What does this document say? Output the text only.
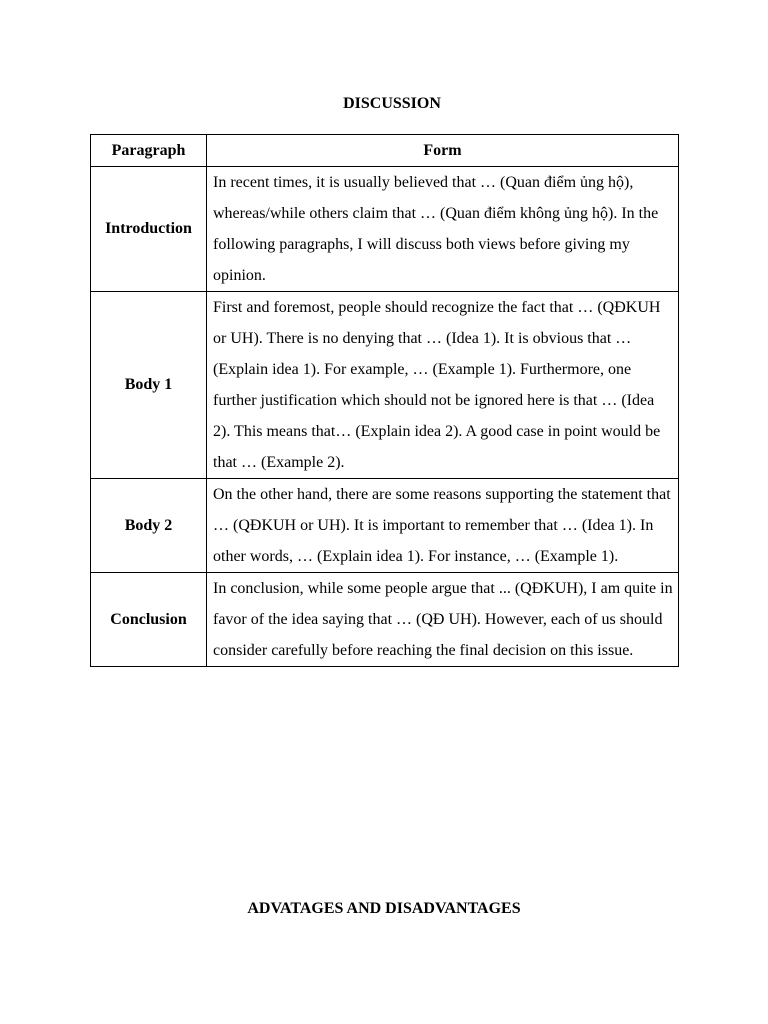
DISCUSSION
Paragraph	Form
Introduction	In recent times, it is usually believed that … (Quan điểm ủng hộ), whereas/while others claim that … (Quan điểm không ủng hộ). In the following paragraphs, I will discuss both views before giving my opinion.
Body 1	First and foremost, people should recognize the fact that … (QĐKUH or UH). There is no denying that … (Idea 1). It is obvious that … (Explain idea 1). For example, … (Example 1). Furthermore, one further justification which should not be ignored here is that … (Idea 2). This means that… (Explain idea 2). A good case in point would be that … (Example 2).
Body 2	On the other hand, there are some reasons supporting the statement that … (QĐKUH or UH). It is important to remember that … (Idea 1). In other words, … (Explain idea 1). For instance, … (Example 1).
Conclusion	In conclusion, while some people argue that ... (QĐKUH), I am quite in favor of the idea saying that … (QĐ UH). However, each of us should consider carefully before reaching the final decision on this issue.
ADVATAGES AND DISADVANTAGES
